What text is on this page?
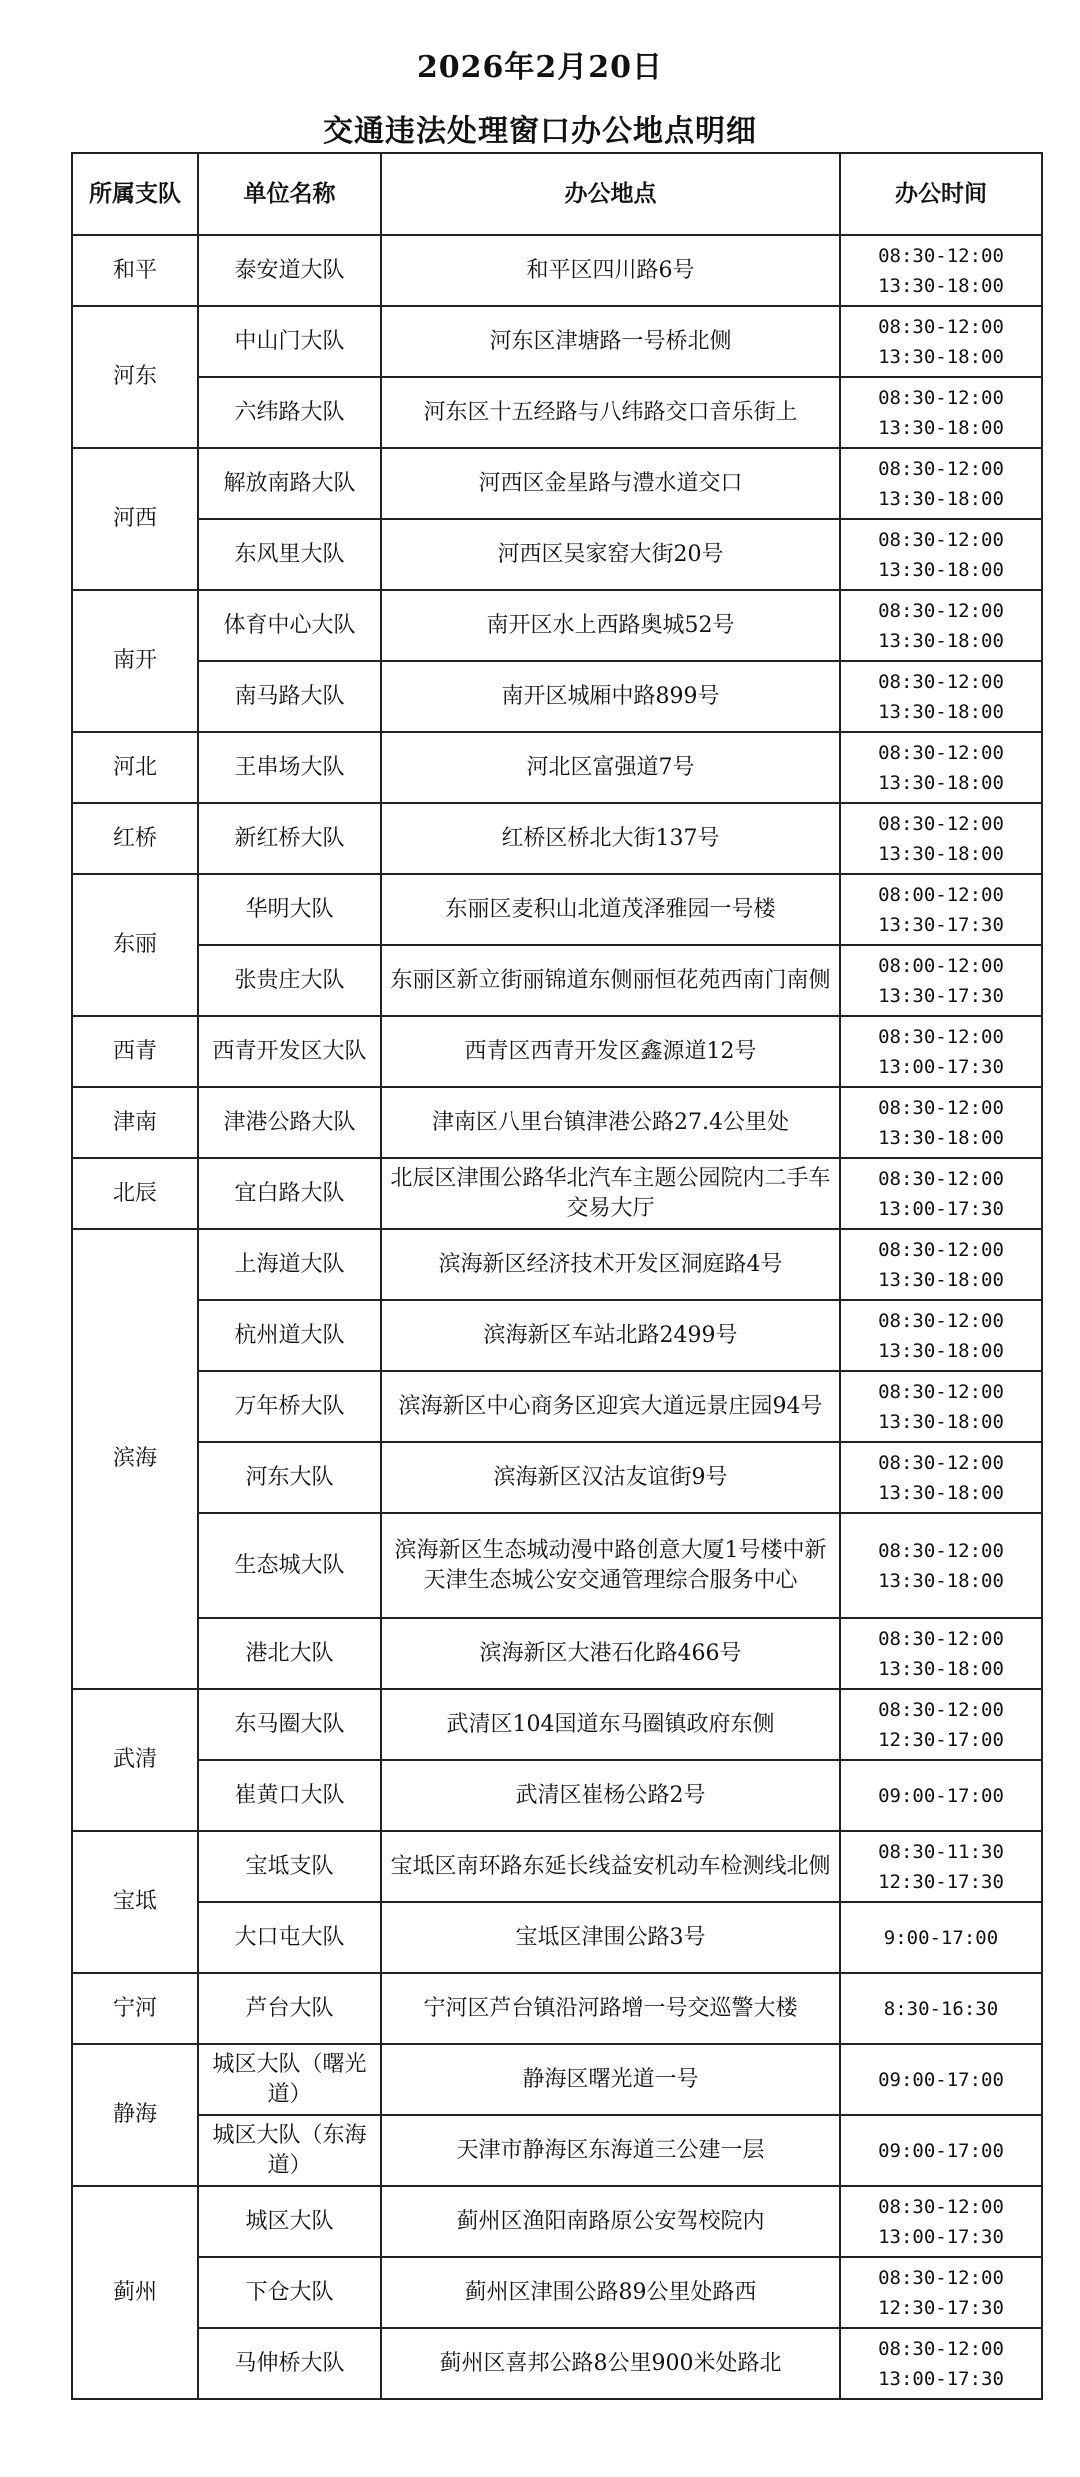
2026年2月20日
交通违法处理窗口办公地点明细
所属支队	单位名称	办公地点	办公时间
和平	泰安道大队	和平区四川路6号	08:30-12:00
13:30-18:00

河东	中山门大队	河东区津塘路一号桥北侧	08:30-12:00
13:30-18:00

	六纬路大队	河东区十五经路与八纬路交口音乐街上	08:30-12:00
13:30-18:00

河西	解放南路大队	河西区金星路与澧水道交口	08:30-12:00
13:30-18:00

	东风里大队	河西区吴家窑大街20号	08:30-12:00
13:30-18:00

南开	体育中心大队	南开区水上西路奥城52号	08:30-12:00
13:30-18:00

	南马路大队	南开区城厢中路899号	08:30-12:00
13:30-18:00

河北	王串场大队	河北区富强道7号	08:30-12:00
13:30-18:00

红桥	新红桥大队	红桥区桥北大街137号	08:30-12:00
13:30-18:00

东丽	华明大队	东丽区麦积山北道茂泽雅园一号楼	08:00-12:00
13:30-17:30

	张贵庄大队	东丽区新立街丽锦道东侧丽恒花苑西南门南侧	08:00-12:00
13:30-17:30

西青	西青开发区大队	西青区西青开发区鑫源道12号	08:30-12:00
13:00-17:30

津南	津港公路大队	津南区八里台镇津港公路27.4公里处	08:30-12:00
13:30-18:00

北辰	宜白路大队	北辰区津围公路华北汽车主题公园院内二手车交易大厅	08:30-12:00
13:00-17:30

滨海	上海道大队	滨海新区经济技术开发区洞庭路4号	08:30-12:00
13:30-18:00

	杭州道大队	滨海新区车站北路2499号	08:30-12:00
13:30-18:00

	万年桥大队	滨海新区中心商务区迎宾大道远景庄园94号	08:30-12:00
13:30-18:00

	河东大队	滨海新区汉沽友谊街9号	08:30-12:00
13:30-18:00

	生态城大队	滨海新区生态城动漫中路创意大厦1号楼中新天津生态城公安交通管理综合服务中心	08:30-12:00
13:30-18:00

	港北大队	滨海新区大港石化路466号	08:30-12:00
13:30-18:00

武清	东马圈大队	武清区104国道东马圈镇政府东侧	08:30-12:00
12:30-17:00

	崔黄口大队	武清区崔杨公路2号	09:00-17:00

宝坻	宝坻支队	宝坻区南环路东延长线益安机动车检测线北侧	08:30-11:30
12:30-17:30

	大口屯大队	宝坻区津围公路3号	9:00-17:00

宁河	芦台大队	宁河区芦台镇沿河路增一号交巡警大楼	8:30-16:30

静海	城区大队（曙光道）	静海区曙光道一号	09:00-17:00

	城区大队（东海道）	天津市静海区东海道三公建一层	09:00-17:00

蓟州	城区大队	蓟州区渔阳南路原公安驾校院内	08:30-12:00
13:00-17:30

	下仓大队	蓟州区津围公路89公里处路西	08:30-12:00
12:30-17:30

	马伸桥大队	蓟州区喜邦公路8公里900米处路北	08:30-12:00
13:00-17:30
